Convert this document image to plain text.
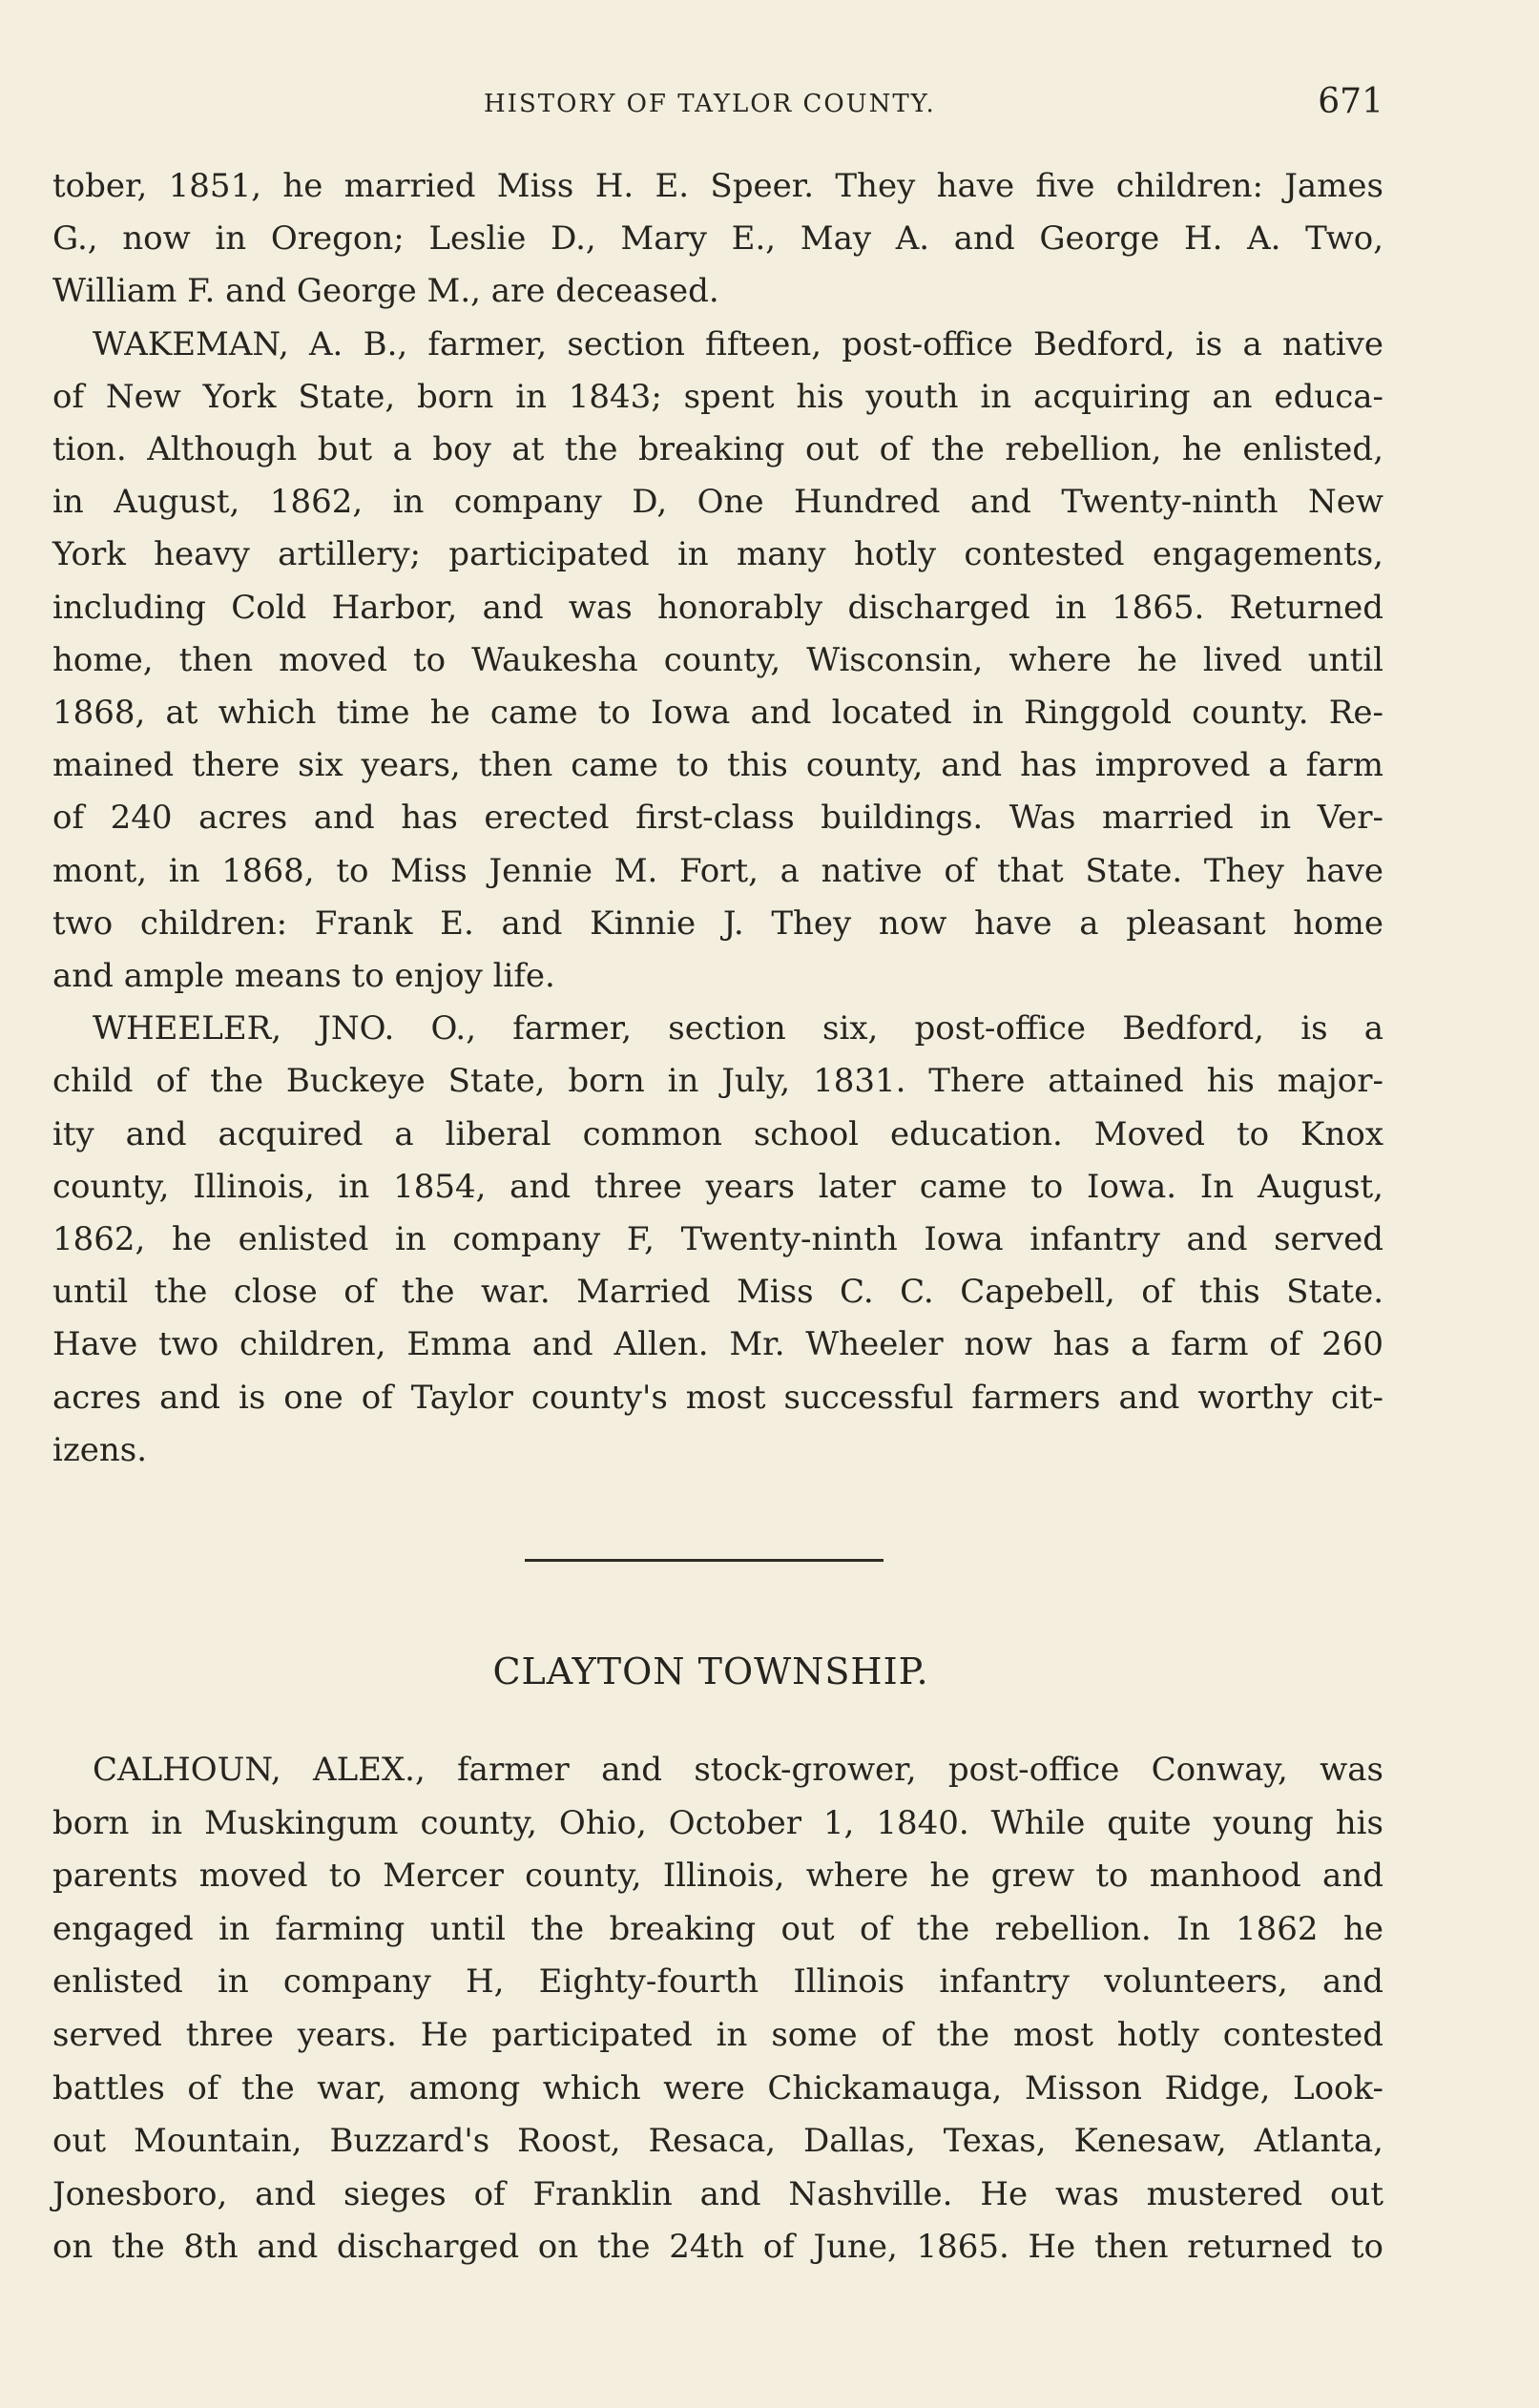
HISTORY OF TAYLOR COUNTY.	671
tober, 1851, he married Miss H. E. Speer. They have five children: James
G., now in Oregon; Leslie D., Mary E., May A. and George H. A. Two,
William F. and George M., are deceased.
WAKEMAN, A. B., farmer, section fifteen, post-office Bedford, is a native
of New York State, born in 1843; spent his youth in acquiring an educa-
tion. Although but a boy at the breaking out of the rebellion, he enlisted,
in August, 1862, in company D, One Hundred and Twenty-ninth New
York heavy artillery; participated in many hotly contested engagements,
including Cold Harbor, and was honorably discharged in 1865. Returned
home, then moved to Waukesha county, Wisconsin, where he lived until
1868, at which time he came to Iowa and located in Ringgold county. Re-
mained there six years, then came to this county, and has improved a farm
of 240 acres and has erected first-class buildings. Was married in Ver-
mont, in 1868, to Miss Jennie M. Fort, a native of that State. They have
two children: Frank E. and Kinnie J. They now have a pleasant home
and ample means to enjoy life.
WHEELER, JNO. O., farmer, section six, post-office Bedford, is a
child of the Buckeye State, born in July, 1831. There attained his major-
ity and acquired a liberal common school education. Moved to Knox
county, Illinois, in 1854, and three years later came to Iowa. In August,
1862, he enlisted in company F, Twenty-ninth Iowa infantry and served
until the close of the war. Married Miss C. C. Capebell, of this State.
Have two children, Emma and Allen. Mr. Wheeler now has a farm of 260
acres and is one of Taylor county's most successful farmers and worthy cit-
izens.
CLAYTON TOWNSHIP.
CALHOUN, ALEX., farmer and stock-grower, post-office Conway, was
born in Muskingum county, Ohio, October 1, 1840. While quite young his
parents moved to Mercer county, Illinois, where he grew to manhood and
engaged in farming until the breaking out of the rebellion. In 1862 he
enlisted in company H, Eighty-fourth Illinois infantry volunteers, and
served three years. He participated in some of the most hotly contested
battles of the war, among which were Chickamauga, Misson Ridge, Look-
out Mountain, Buzzard's Roost, Resaca, Dallas, Texas, Kenesaw, Atlanta,
Jonesboro, and sieges of Franklin and Nashville. He was mustered out
on the 8th and discharged on the 24th of June, 1865. He then returned to
